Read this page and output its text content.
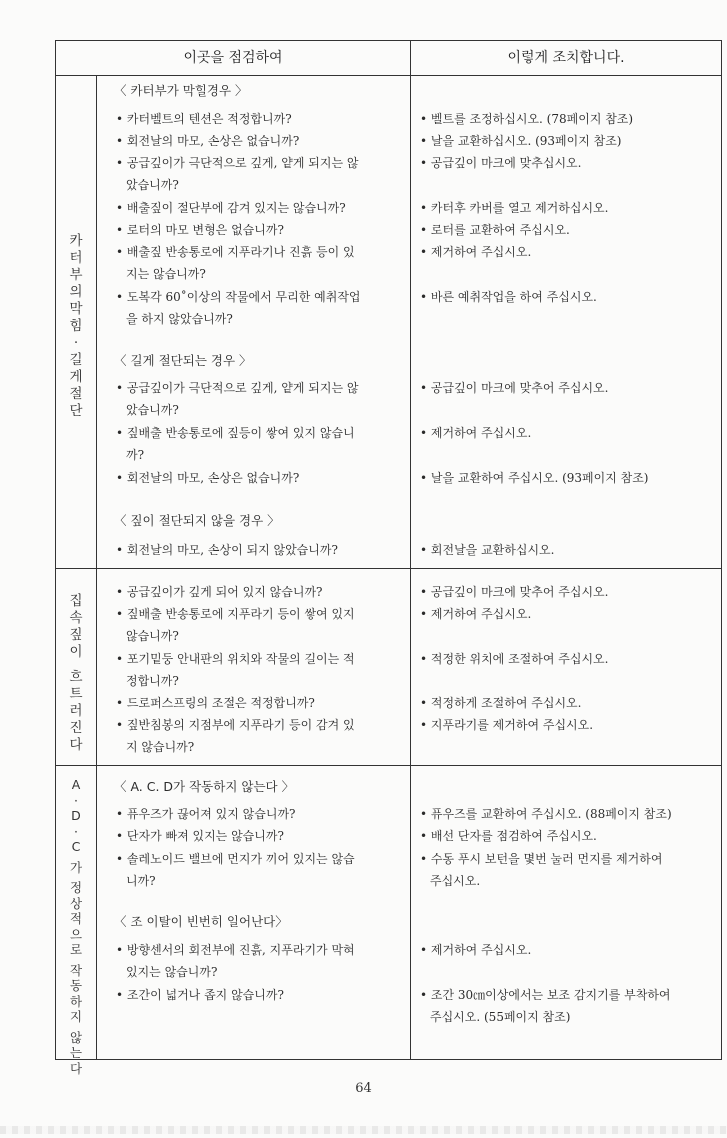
이곳을 점검하여	이렇게 조치합니다.
카
터
부
의
막
힘
·
길
게
절
단
〈 카터부가 막힐경우 〉
• 카터벨트의 텐션은 적정합니까?
• 회전날의 마모, 손상은 없습니까?
• 공급깊이가 극단적으로 깊게, 얕게 되지는 않
았습니까?
• 배출짚이 절단부에 감겨 있지는 않습니까?
• 로터의 마모 변형은 없습니까?
• 배출짚 반송통로에 지푸라기나 진흙 등이 있
지는 않습니까?
• 도복각 60˚이상의 작물에서 무리한 예취작업
을 하지 않았습니까?
〈 길게 절단되는 경우 〉
• 공급깊이가 극단적으로 깊게, 얕게 되지는 않
았습니까?
• 짚배출 반송통로에 짚등이 쌓여 있지 않습니
까?
• 회전날의 마모, 손상은 없습니까?
〈 짚이 절단되지 않을 경우 〉
• 회전날의 마모, 손상이 되지 않았습니까?
• 벨트를 조정하십시오. (78페이지 참조)
• 날을 교환하십시오. (93페이지 참조)
• 공급깊이 마크에 맞추십시오.
• 카터후 카버를 열고 제거하십시오.
• 로터를 교환하여 주십시오.
• 제거하여 주십시오.
• 바른 예취작업을 하여 주십시오.
• 공급깊이 마크에 맞추어 주십시오.
• 제거하여 주십시오.
• 날을 교환하여 주십시오. (93페이지 참조)
• 회전날을 교환하십시오.
집
속
짚
이
흐
트
러
진
다
• 공급깊이가 깊게 되어 있지 않습니까?
• 짚배출 반송통로에 지푸라기 등이 쌓여 있지
않습니까?
• 포기밑둥 안내판의 위치와 작물의 길이는 적
정합니까?
• 드로퍼스프링의 조절은 적정합니까?
• 짚반침봉의 지점부에 지푸라기 등이 감겨 있
지 않습니까?
• 공급깊이 마크에 맞추어 주십시오.
• 제거하여 주십시오.
• 적정한 위치에 조절하여 주십시오.
• 적정하게 조절하여 주십시오.
• 지푸라기를 제거하여 주십시오.
A
·
D
·
C
가
정
상
적
으
로
작
동
하
지
않
는
다
〈 A. C. D가 작동하지 않는다 〉
• 퓨우즈가 끊어져 있지 않습니까?
• 단자가 빠져 있지는 않습니까?
• 솔레노이드 밸브에 먼지가 끼어 있지는 않습
니까?
〈 조 이탈이 빈번히 일어난다〉
• 방향센서의 회전부에 진흙, 지푸라기가 막혀
있지는 않습니까?
• 조간이 넓거나 좁지 않습니까?
• 퓨우즈를 교환하여 주십시오. (88페이지 참조)
• 배선 단자를 점검하여 주십시오.
• 수동 푸시 보턴을 몇번 눌러 먼지를 제거하여
주십시오.
• 제거하여 주십시오.
• 조간 30㎝이상에서는 보조 감지기를 부착하여
주십시오. (55페이지 참조)
64
